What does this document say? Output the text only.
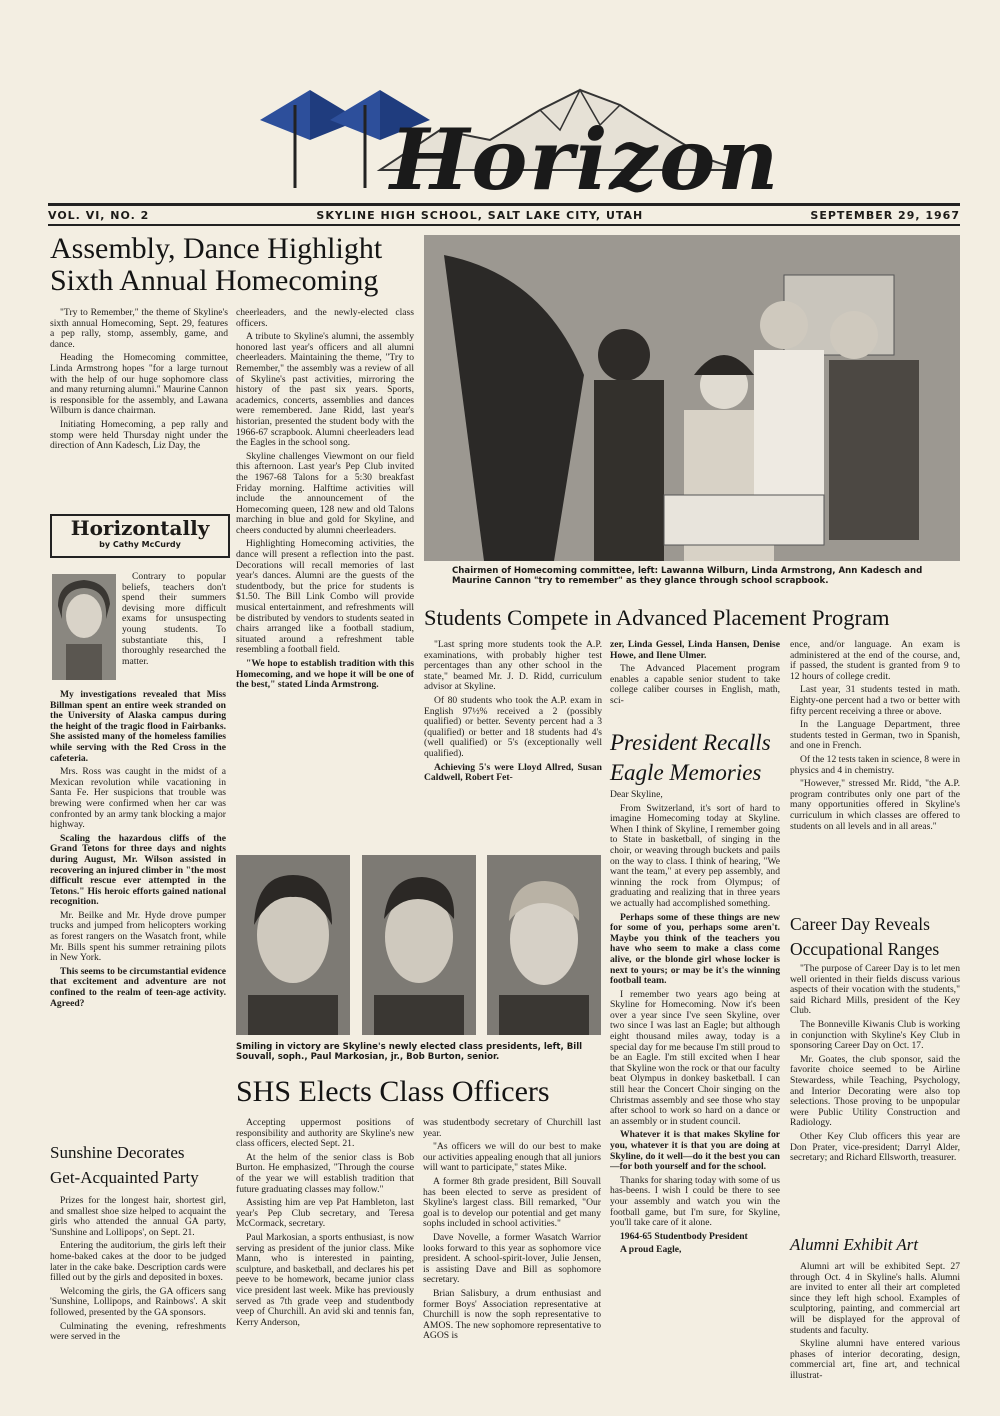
Horizon
VOL. VI, NO. 2	SKYLINE HIGH SCHOOL, SALT LAKE CITY, UTAH	SEPTEMBER 29, 1967
Assembly, Dance Highlight
Sixth Annual Homecoming

"Try to Remember," the theme of Skyline's sixth annual Homecoming, Sept. 29, features a pep rally, stomp, assembly, game, and dance.

Heading the Homecoming committee, Linda Armstrong hopes "for a large turnout with the help of our huge sophomore class and many returning alumni." Maurine Cannon is responsible for the assembly, and Lawana Wilburn is dance chairman.

Initiating Homecoming, a pep rally and stomp were held Thursday night under the direction of Ann Kadesch, Liz Day, the

cheerleaders, and the newly-elected class officers.

A tribute to Skyline's alumni, the assembly honored last year's officers and all alumni cheerleaders. Maintaining the theme, "Try to Remember," the assembly was a review of all of Skyline's past activities, mirroring the history of the past six years. Sports, academics, concerts, assemblies and dances were remembered. Jane Ridd, last year's historian, presented the student body with the 1966-67 scrapbook. Alumni cheerleaders lead the Eagles in the school song.

Skyline challenges Viewmont on our field this afternoon. Last year's Pep Club invited the 1967-68 Talons for a 5:30 breakfast Friday morning. Halftime activities will include the announcement of the Homecoming queen, 128 new and old Talons marching in blue and gold for Skyline, and cheers conducted by alumni cheerleaders.

Highlighting Homecoming activities, the dance will present a reflection into the past. Decorations will recall memories of last year's dances. Alumni are the guests of the studentbody, but the price for students is $1.50. The Bill Link Combo will provide musical entertainment, and refreshments will be distributed by vendors to students seated in chairs arranged like a football stadium, situated around a refreshment table resembling a football field.

"We hope to establish tradition with this Homecoming, and we hope it will be one of the best," stated Linda Armstrong.

Horizontally
by Cathy McCurdy

Contrary to popular beliefs, teachers don't spend their summers devising more difficult exams for unsuspecting young students. To substantiate this, I thoroughly researched the matter.

My investigations revealed that Miss Billman spent an entire week stranded on the University of Alaska campus during the height of the tragic flood in Fairbanks. She assisted many of the homeless families while serving with the Red Cross in the cafeteria.

Mrs. Ross was caught in the midst of a Mexican revolution while vacationing in Santa Fe. Her suspicions that trouble was brewing were confirmed when her car was confronted by an army tank blocking a major highway.

Scaling the hazardous cliffs of the Grand Tetons for three days and nights during August, Mr. Wilson assisted in recovering an injured climber in "the most difficult rescue ever attempted in the Tetons." His heroic efforts gained national recognition.

Mr. Beilke and Mr. Hyde drove pumper trucks and jumped from helicopters working as forest rangers on the Wasatch front, while Mr. Bills spent his summer retraining pilots in New York.

This seems to be circumstantial evidence that excitement and adventure are not confined to the realm of teen-age activity. Agreed?

Chairmen of Homecoming committee, left: Lawanna Wilburn, Linda Armstrong, Ann Kadesch and Maurine Cannon "try to remember" as they glance through school scrapbook.
Students Compete in Advanced Placement Program

"Last spring more students took the A.P. examinations, with probably higher test percentages than any other school in the state," beamed Mr. J. D. Ridd, curriculum advisor at Skyline.

Of 80 students who took the A.P. exam in English 97½% received a 2 (possibly qualified) or better. Seventy percent had a 3 (qualified) or better and 18 students had 4's (well qualified) or 5's (exceptionally well qualified).

Achieving 5's were Lloyd Allred, Susan Caldwell, Robert Fet-

zer, Linda Gessel, Linda Hansen, Denise Howe, and Ilene Ulmer.

The Advanced Placement program enables a capable senior student to take college caliber courses in English, math, sci-

ence, and/or language. An exam is administered at the end of the course, and, if passed, the student is granted from 9 to 12 hours of college credit.

Last year, 31 students tested in math. Eighty-one percent had a two or better with fifty percent receiving a three or above.

In the Language Department, three students tested in German, two in Spanish, and one in French.

Of the 12 tests taken in science, 8 were in physics and 4 in chemistry.

"However," stressed Mr. Ridd, "the A.P. program contributes only one part of the many opportunities offered in Skyline's curriculum in which classes are offered to students on all levels and in all areas."

President Recalls
Eagle Memories

Dear Skyline,

From Switzerland, it's sort of hard to imagine Homecoming today at Skyline. When I think of Skyline, I remember going to State in basketball, of singing in the choir, or weaving through buckets and pails on the way to class. I think of hearing, "We want the team," at every pep assembly, and winning the rock from Olympus; of graduating and realizing that in three years we actually had accomplished something.

Perhaps some of these things are new for some of you, perhaps some aren't. Maybe you think of the teachers you have who seem to make a class come alive, or the blonde girl whose locker is next to yours; or may be it's the winning football team.

I remember two years ago being at Skyline for Homecoming. Now it's been over a year since I've seen Skyline, over two since I was last an Eagle; but although eight thousand miles away, today is a special day for me because I'm still proud to be an Eagle. I'm still excited when I hear that Skyline won the rock or that our faculty beat Olympus in donkey basketball. I can still hear the Concert Choir singing on the Christmas assembly and see those who stay after school to work so hard on a dance or an assembly or in student council.

Whatever it is that makes Skyline for you, whatever it is that you are doing at Skyline, do it well—do it the best you can—for both yourself and for the school.

Thanks for sharing today with some of us has-beens. I wish I could be there to see your assembly and watch you win the football game, but I'm sure, for Skyline, you'll take care of it alone.

1964-65 Studentbody President

A proud Eagle,

Smiling in victory are Skyline's newly elected class presidents, left, Bill Souvall, soph., Paul Markosian, jr., Bob Burton, senior.
SHS Elects Class Officers

Accepting uppermost positions of responsibility and authority are Skyline's new class officers, elected Sept. 21.

At the helm of the senior class is Bob Burton. He emphasized, "Through the course of the year we will establish tradition that future graduating classes may follow."

Assisting him are vep Pat Hambleton, last year's Pep Club secretary, and Teresa McCormack, secretary.

Paul Markosian, a sports enthusiast, is now serving as president of the junior class. Mike Mann, who is interested in painting, sculpture, and basketball, and declares his pet peeve to be homework, became junior class vice president last week. Mike has previously served as 7th grade veep and studentbody veep of Churchill. An avid ski and tennis fan, Kerry Anderson,

was studentbody secretary of Churchill last year.

"As officers we will do our best to make our activities appealing enough that all juniors will want to participate," states Mike.

A former 8th grade president, Bill Souvall has been elected to serve as president of Skyline's largest class. Bill remarked, "Our goal is to develop our potential and get many sophs included in school activities."

Dave Novelle, a former Wasatch Warrior looks forward to this year as sophomore vice president. A school-spirit-lover, Julie Jensen, is assisting Dave and Bill as sophomore secretary.

Brian Salisbury, a drum enthusiast and former Boys' Association representative at Churchill is now the soph representative to AMOS. The new sophomore representative to AGOS is

Sunshine Decorates
Get-Acquainted Party

Prizes for the longest hair, shortest girl, and smallest shoe size helped to acquaint the girls who attended the annual GA party, 'Sunshine and Lollipops', on Sept. 21.

Entering the auditorium, the girls left their home-baked cakes at the door to be judged later in the cake bake. Description cards were filled out by the girls and deposited in boxes.

Welcoming the girls, the GA officers sang 'Sunshine, Lollipops, and Rainbows'. A skit followed, presented by the GA sponsors.

Culminating the evening, refreshments were served in the

Career Day Reveals
Occupational Ranges

"The purpose of Career Day is to let men well oriented in their fields discuss various aspects of their vocation with the students," said Richard Mills, president of the Key Club.

The Bonneville Kiwanis Club is working in conjunction with Skyline's Key Club in sponsoring Career Day on Oct. 17.

Mr. Goates, the club sponsor, said the favorite choice seemed to be Airline Stewardess, while Teaching, Psychology, and Interior Decorating were also top selections. Those proving to be unpopular were Public Utility Construction and Radiology.

Other Key Club officers this year are Don Prater, vice-president; Darryl Alder, secretary; and Richard Ellsworth, treasurer.

Alumni Exhibit Art

Alumni art will be exhibited Sept. 27 through Oct. 4 in Skyline's halls. Alumni are invited to enter all their art completed since they left high school. Examples of sculptoring, painting, and commercial art will be displayed for the approval of students and faculty.

Skyline alumni have entered various phases of interior decorating, design, commercial art, fine art, and technical illustrat-
